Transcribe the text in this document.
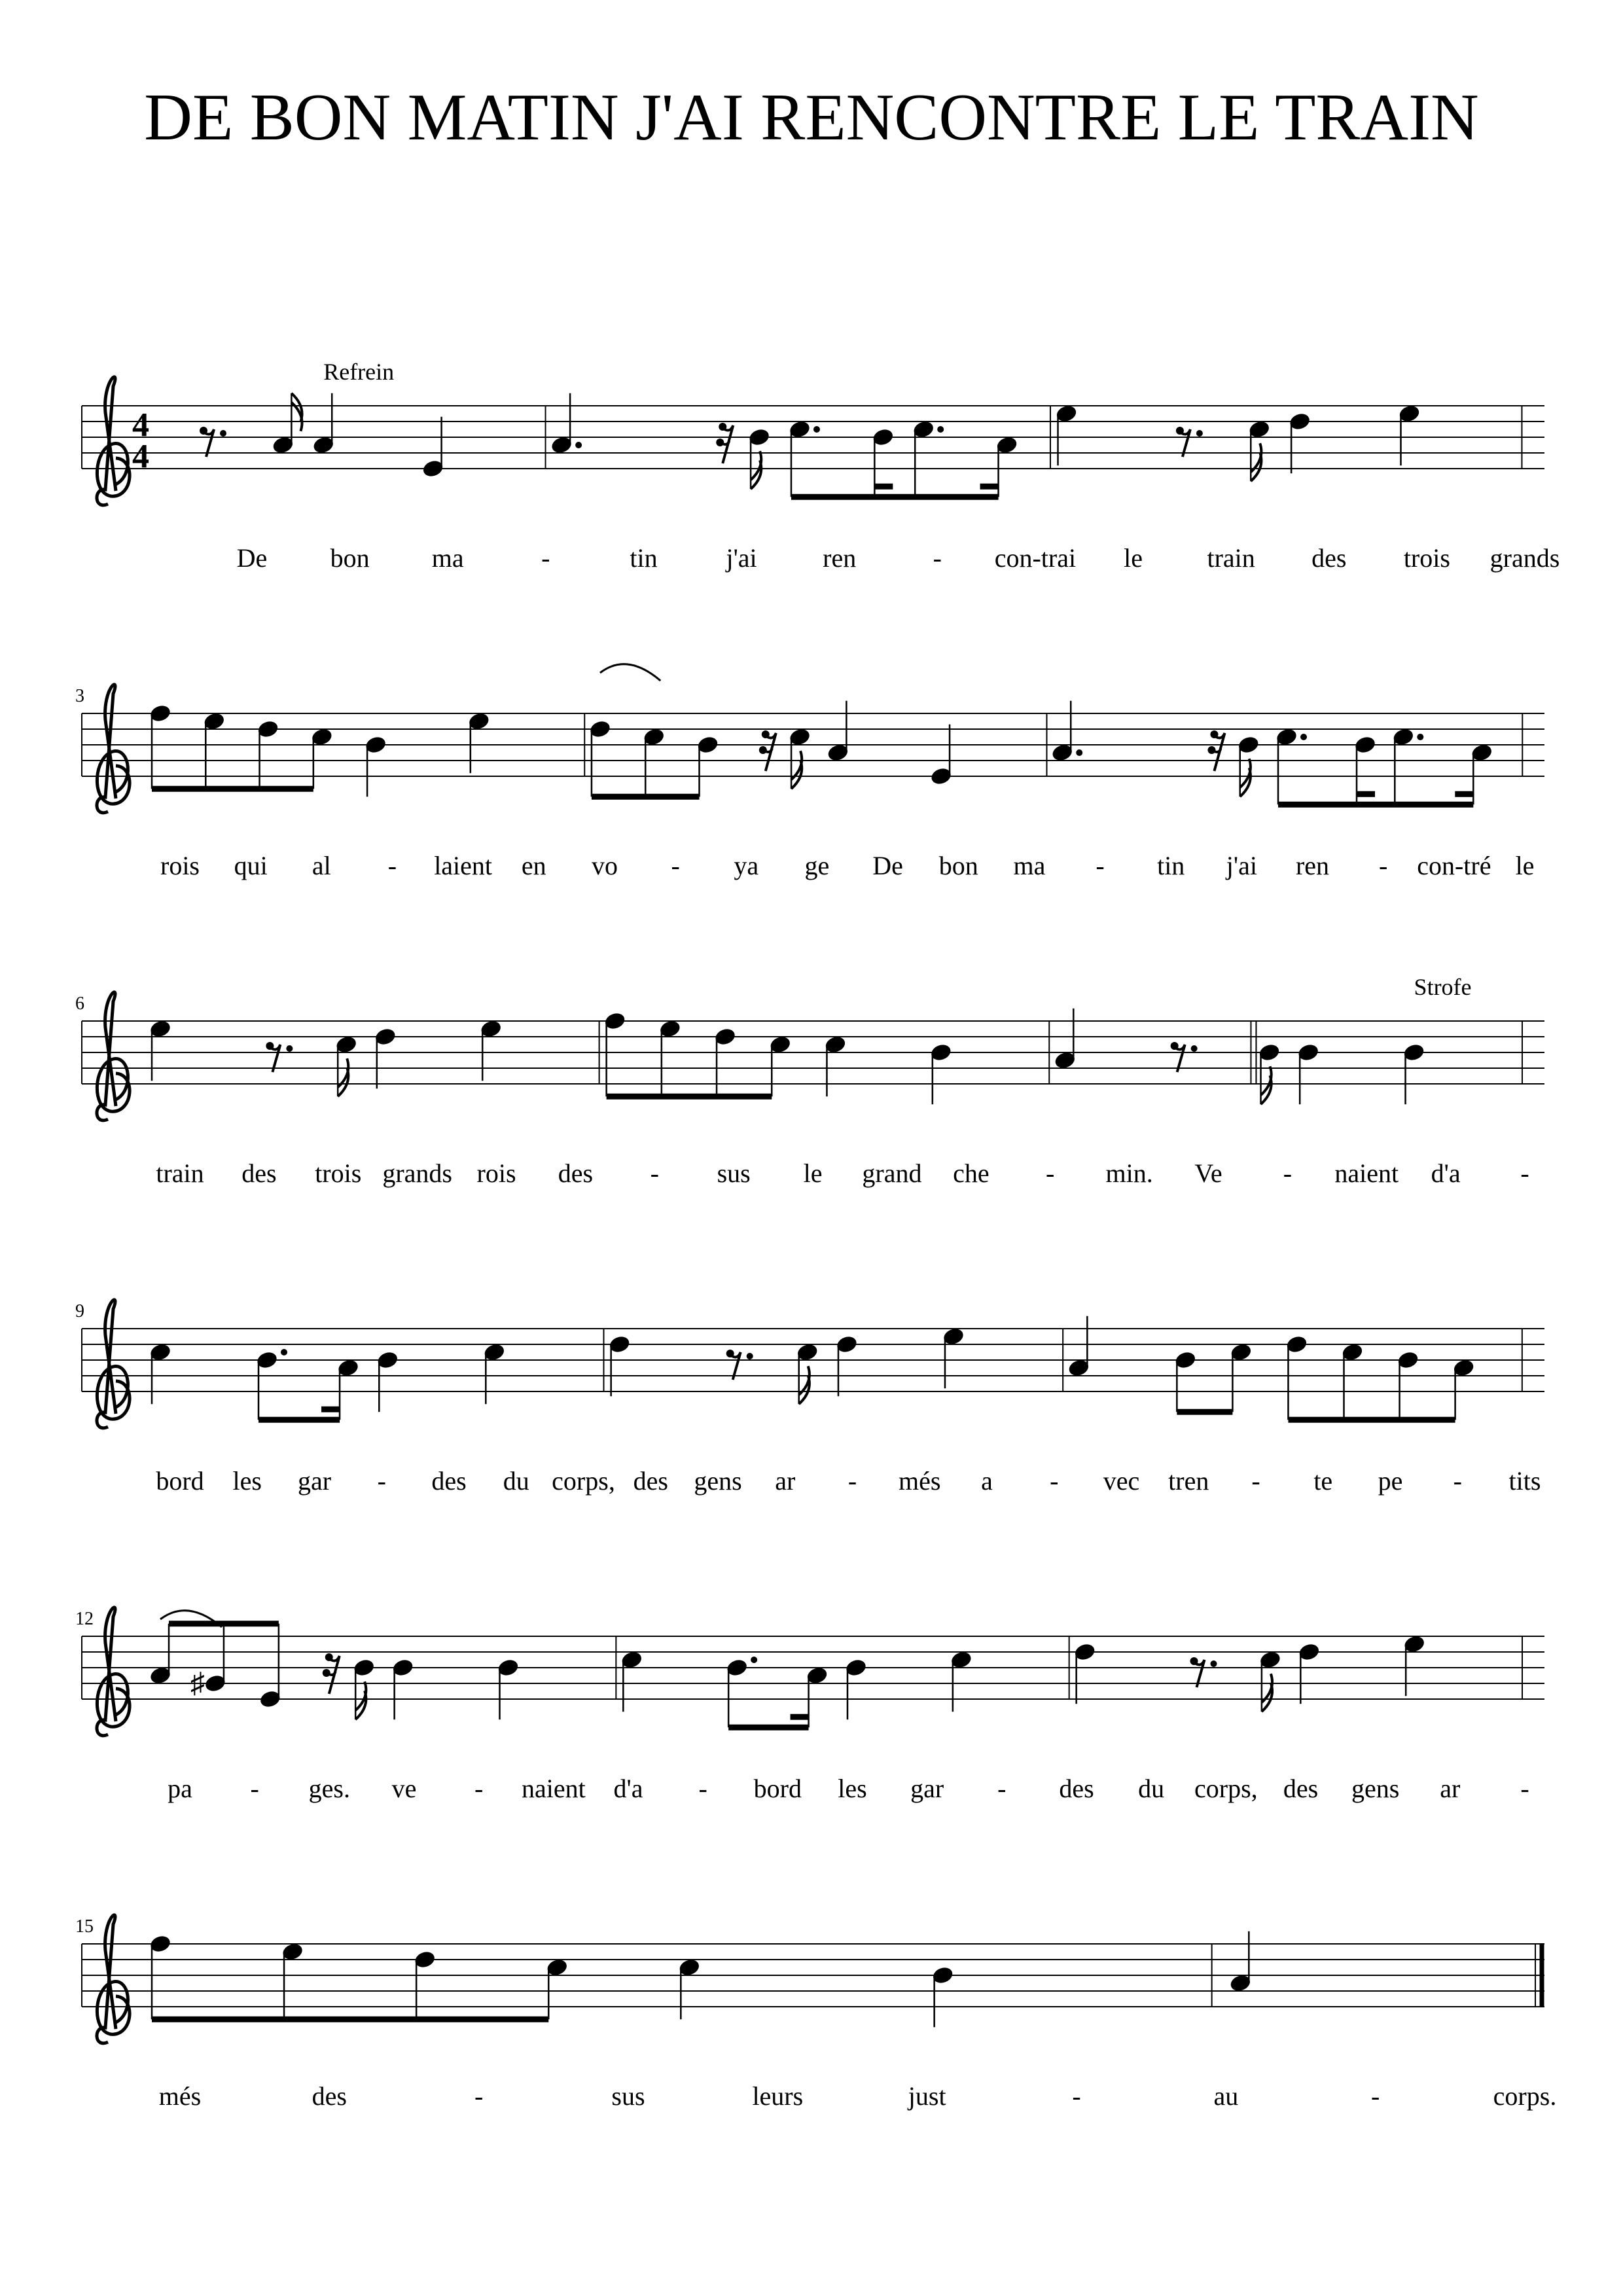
DE BON MATIN J'AI RENCONTRE LE TRAIN
4
4
Refrein
De bon ma	-	tin	j'ai	ren	- con-trai le train des trois grands
3
rois qui al - laient en vo - ya ge De bon ma - tin j'ai ren - con-tré le
6
Strofe
train des trois grands rois des - sus le grand che - min. Ve - naient d'a -
9
bord les gar - des du corps, des gens ar - més a - vec tren - te pe - tits
12
♯
pa - ges. ve - naient d'a - bord les gar - des du corps, des gens ar -
15
més	des	-	sus	leurs	just	-	au	-	corps.
